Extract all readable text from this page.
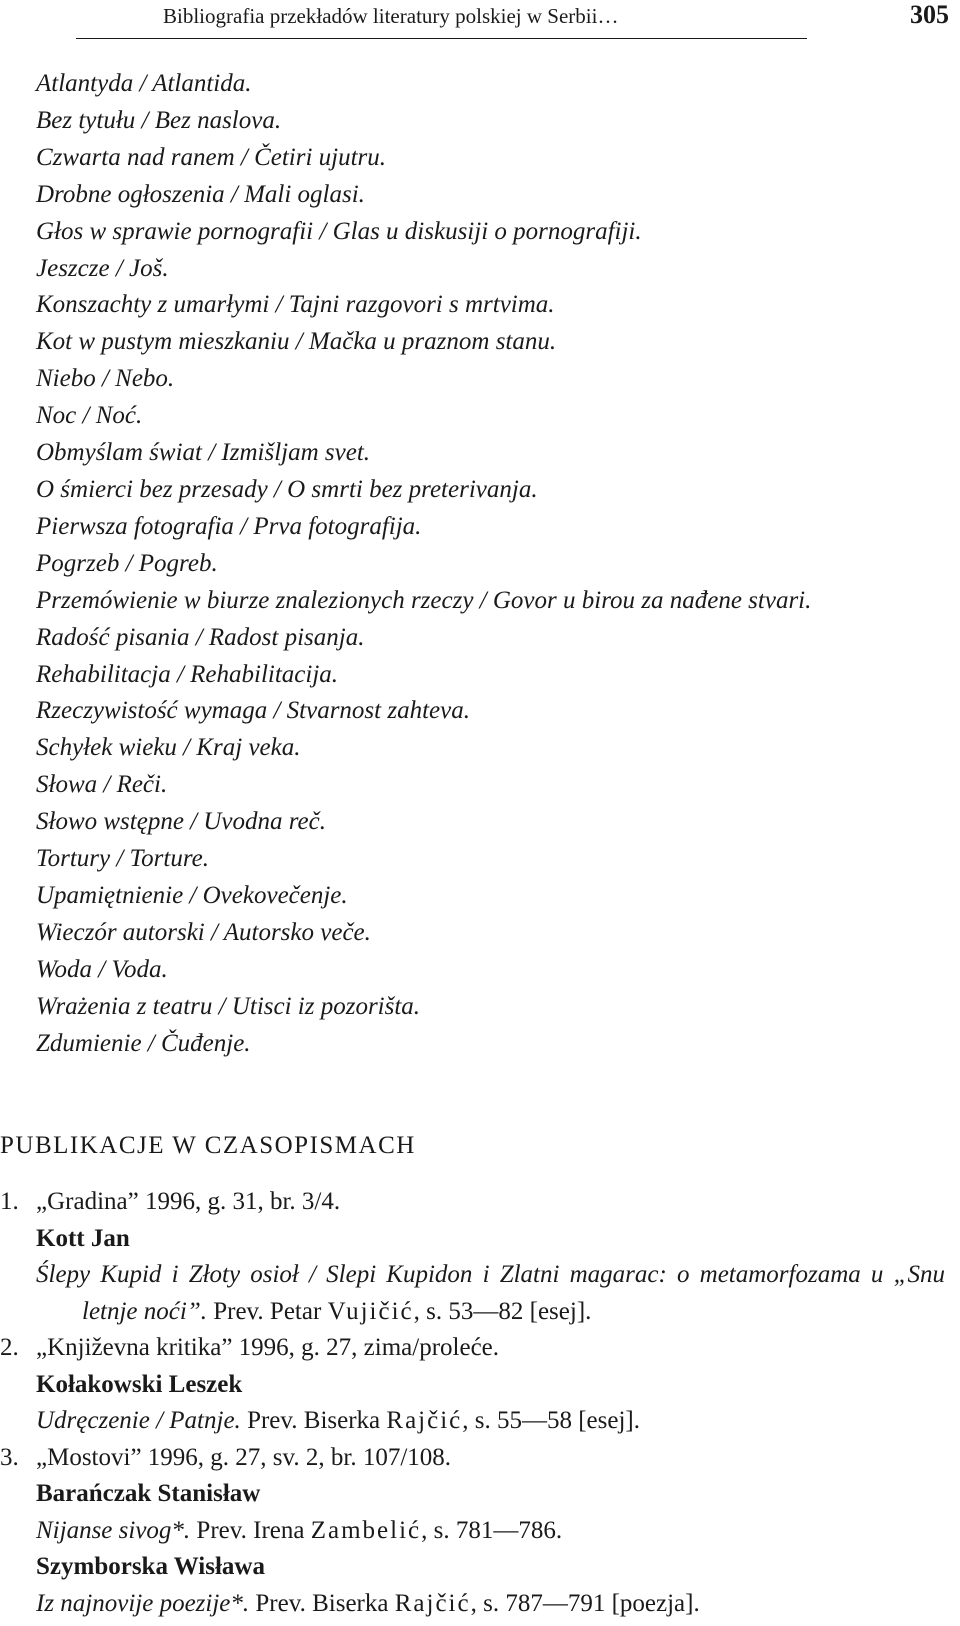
Bibliografia przekładów literatury polskiej w Serbii…	305
Atlantyda / Atlantida.
Bez tytułu / Bez naslova.
Czwarta nad ranem / Četiri ujutru.
Drobne ogłoszenia / Mali oglasi.
Głos w sprawie pornografii / Glas u diskusiji o pornografiji.
Jeszcze / Još.
Konszachty z umarłymi / Tajni razgovori s mrtvima.
Kot w pustym mieszkaniu / Mačka u praznom stanu.
Niebo / Nebo.
Noc / Noć.
Obmyślam świat / Izmišljam svet.
O śmierci bez przesady / O smrti bez preterivanja.
Pierwsza fotografia / Prva fotografija.
Pogrzeb / Pogreb.
Przemówienie w biurze znalezionych rzeczy / Govor u birou za nađene stvari.
Radość pisania / Radost pisanja.
Rehabilitacja / Rehabilitacija.
Rzeczywistość wymaga / Stvarnost zahteva.
Schyłek wieku / Kraj veka.
Słowa / Reči.
Słowo wstępne / Uvodna reč.
Tortury / Torture.
Upamiętnienie / Ovekovečenje.
Wieczór autorski / Autorsko veče.
Woda / Voda.
Wrażenia z teatru / Utisci iz pozorišta.
Zdumienie / Čuđenje.
PUBLIKACJE W CZASOPISMACH
1. „Gradina” 1996, g. 31, br. 3/4.
Kott Jan
Ślepy Kupid i Złoty osioł / Slepi Kupidon i Zlatni magarac: o metamorfozama u „Snu letnje noći”. Prev. Petar Vujičić, s. 53—82 [esej].
2. „Književna kritika” 1996, g. 27, zima/proleće.
Kołakowski Leszek
Udręczenie / Patnje. Prev. Biserka Rajčić, s. 55—58 [esej].
3. „Mostovi” 1996, g. 27, sv. 2, br. 107/108.
Barańczak Stanisław
Nijanse sivog*. Prev. Irena Zambelić, s. 781—786.
Szymborska Wisława
Iz najnovije poezije*. Prev. Biserka Rajčić, s. 787—791 [poezja].
